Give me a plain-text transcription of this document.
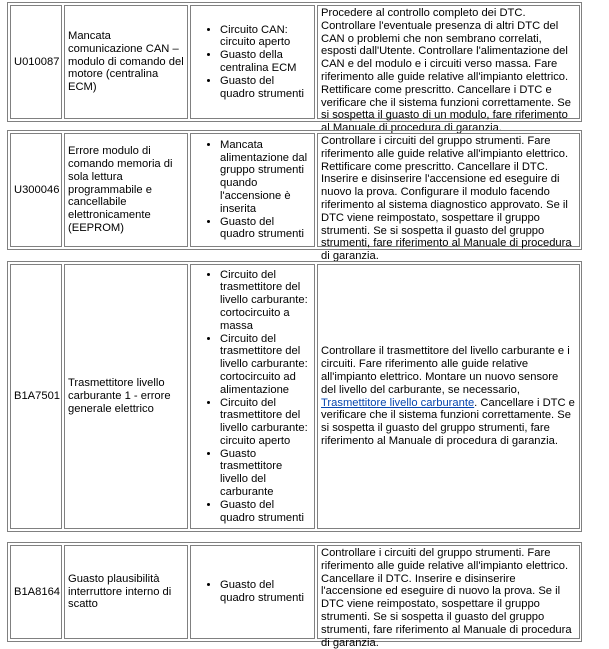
U010087
Mancata comunicazione CAN – modulo di comando del motore (centralina ECM)
• Circuito CAN: circuito aperto
• Guasto della centralina ECM
• Guasto del quadro strumenti
Procedere al controllo completo dei DTC. Controllare l'eventuale presenza di altri DTC del CAN o problemi che non sembrano correlati, esposti dall'Utente. Controllare l'alimentazione del CAN e del modulo e i circuiti verso massa. Fare riferimento alle guide relative all'impianto elettrico. Rettificare come prescritto. Cancellare i DTC e verificare che il sistema funzioni correttamente. Se si sospetta il guasto di un modulo, fare riferimento al Manuale di procedura di garanzia.
U300046
Errore modulo di comando memoria di sola lettura programmabile e cancellabile elettronicamente (EEPROM)
• Mancata alimentazione dal gruppo strumenti quando l'accensione è inserita
• Guasto del quadro strumenti
Controllare i circuiti del gruppo strumenti. Fare riferimento alle guide relative all'impianto elettrico. Rettificare come prescritto. Cancellare il DTC. Inserire e disinserire l'accensione ed eseguire di nuovo la prova. Configurare il modulo facendo riferimento al sistema diagnostico approvato. Se il DTC viene reimpostato, sospettare il gruppo strumenti. Se si sospetta il guasto del gruppo strumenti, fare riferimento al Manuale di procedura di garanzia.
B1A7501
Trasmettitore livello carburante 1 - errore generale elettrico
• Circuito del trasmettitore del livello carburante: cortocircuito a massa
• Circuito del trasmettitore del livello carburante: cortocircuito ad alimentazione
• Circuito del trasmettitore del livello carburante: circuito aperto
• Guasto trasmettitore livello del carburante
• Guasto del quadro strumenti
Controllare il trasmettitore del livello carburante e i circuiti. Fare riferimento alle guide relative all'impianto elettrico. Montare un nuovo sensore del livello del carburante, se necessario,
Trasmettitore livello carburante. Cancellare i DTC e verificare che il sistema funzioni correttamente. Se si sospetta il guasto del gruppo strumenti, fare riferimento al Manuale di procedura di garanzia.
B1A8164
Guasto plausibilità interruttore interno di scatto
• Guasto del quadro strumenti
Controllare i circuiti del gruppo strumenti. Fare riferimento alle guide relative all'impianto elettrico. Cancellare il DTC. Inserire e disinserire l'accensione ed eseguire di nuovo la prova. Se il DTC viene reimpostato, sospettare il gruppo strumenti. Se si sospetta il guasto del gruppo strumenti, fare riferimento al Manuale di procedura di garanzia.
